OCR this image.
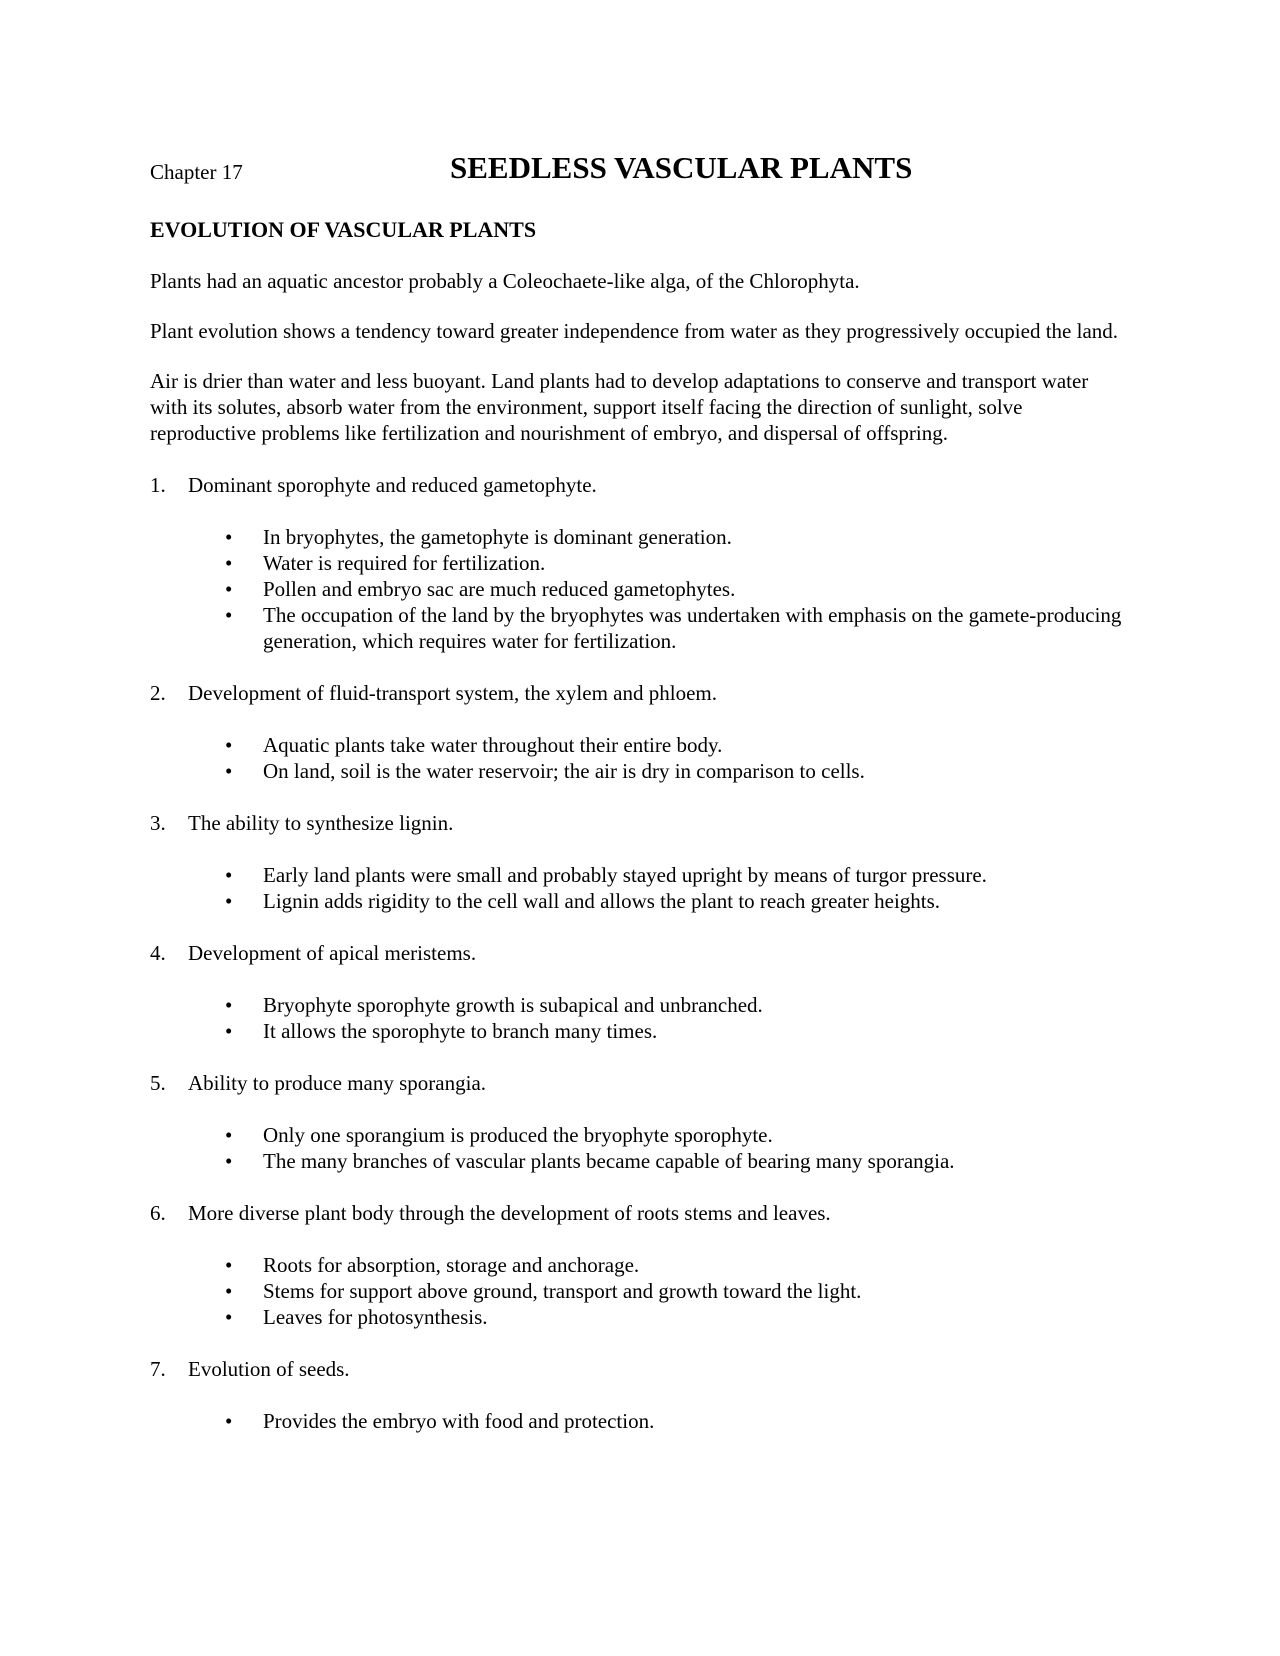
Chapter 17	SEEDLESS VASCULAR PLANTS
EVOLUTION OF VASCULAR PLANTS

Plants had an aquatic ancestor probably a Coleochaete-like alga, of the Chlorophyta.

Plant evolution shows a tendency toward greater independence from water as they progressively occupied the land.

Air is drier than water and less buoyant. Land plants had to develop adaptations to conserve and transport water with its solutes, absorb water from the environment, support itself facing the direction of sunlight, solve reproductive problems like fertilization and nourishment of embryo, and dispersal of offspring.

1. Dominant sporophyte and reduced gametophyte.
• In bryophytes, the gametophyte is dominant generation.
• Water is required for fertilization.
• Pollen and embryo sac are much reduced gametophytes.
• The occupation of the land by the bryophytes was undertaken with emphasis on the gamete-producing generation, which requires water for fertilization.
2. Development of fluid-transport system, the xylem and phloem.
• Aquatic plants take water throughout their entire body.
• On land, soil is the water reservoir; the air is dry in comparison to cells.
3. The ability to synthesize lignin.
• Early land plants were small and probably stayed upright by means of turgor pressure.
• Lignin adds rigidity to the cell wall and allows the plant to reach greater heights.
4. Development of apical meristems.
• Bryophyte sporophyte growth is subapical and unbranched.
• It allows the sporophyte to branch many times.
5. Ability to produce many sporangia.
• Only one sporangium is produced the bryophyte sporophyte.
• The many branches of vascular plants became capable of bearing many sporangia.
6. More diverse plant body through the development of roots stems and leaves.
• Roots for absorption, storage and anchorage.
• Stems for support above ground, transport and growth toward the light.
• Leaves for photosynthesis.
7. Evolution of seeds.
• Provides the embryo with food and protection.
